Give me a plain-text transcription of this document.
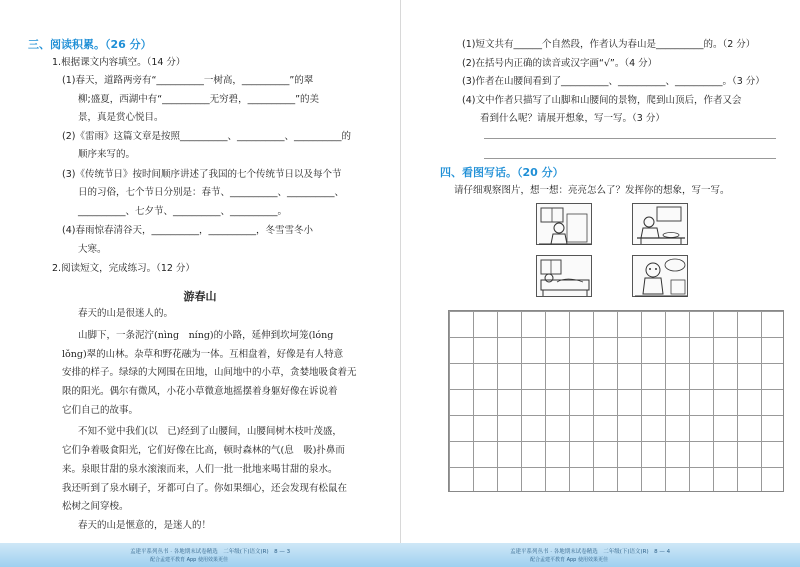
三、阅读积累。（26 分）
1.根据课文内容填空。（14 分）
(1)春天，道路两旁有“__________一树高，__________”的翠
柳;盛夏，西湖中有“__________无穷碧，__________”的美
景，真是赏心悦目。
(2)《雷雨》这篇文章是按照__________、__________、__________的
顺序来写的。
(3)《传统节日》按时间顺序讲述了我国的七个传统节日以及每个节
日的习俗，七个节日分别是：春节、__________、__________、
__________、七夕节、__________、__________。
(4)春雨惊春清谷天，__________，__________，冬雪雪冬小
大寒。
2.阅读短文，完成练习。（12 分）
游春山
春天的山是很迷人的。
山脚下，一条泥泞(nìng　níng)的小路，延伸到坎坷笼(lóng
lǒng)翠的山林。杂草和野花融为一体。互相盘着，好像是有人特意
安排的样子。绿绿的大网围在田地，山间地中的小草，贪婪地吸食着无
限的阳光。偶尔有微风，小花小草微意地摇摆着身躯好像在诉说着
它们自己的故事。
不知不觉中我们(以　已)经到了山腰间，山腰间树木枝叶茂盛，
它们争着吸食阳光，它们好像在比高，顿时森林的气(息　吸)扑鼻而
来。泉眼甘甜的泉水滚滚而来，人们一批一批地来喝甘甜的泉水。
我还听到了泉水刷子，牙都可白了。你如果细心，还会发现有松鼠在
松树之间穿梭。
春天的山是惬意的，是迷人的！
孟建平系列丛书 · 各地期末试卷精选　二年级(下)语文(R)　8 — 3
配合孟建平教育 App 使用效果更佳
(1)短文共有______个自然段，作者认为春山是__________的。（2 分）
(2)在括号内正确的读音或汉字画“√”。（4 分）
(3)作者在山腰间看到了__________、__________、__________。（3 分）
(4)文中作者只描写了山脚和山腰间的景物，爬到山顶后，作者又会
看到什么呢？请展开想象，写一写。（3 分）
四、看图写话。（20 分）
请仔细观察图片，想一想：亮亮怎么了？发挥你的想象，写一写。
孟建平系列丛书 · 各地期末试卷精选　二年级(下)语文(R)　8 — 4
配合孟建平教育 App 使用效果更佳
